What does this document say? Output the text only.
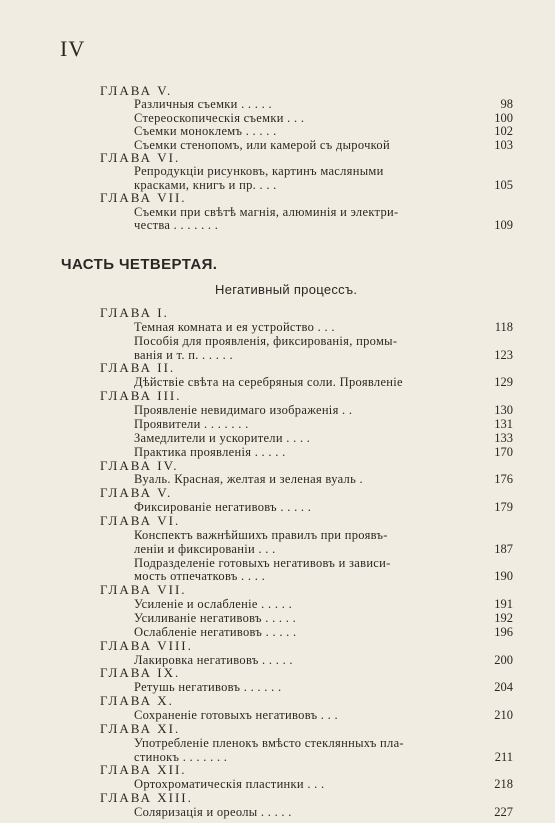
IV
ЧАСТЬ ЧЕТВЕРТАЯ.
Негативный процессъ.
ГЛАВА V.
Различныя съемки . . . . .	98
Стереоскопическія съемки . . .	100
Съемки моноклемъ . . . . .	102
Съемки стенопомъ, или камерой съ дырочкой	103
ГЛАВА VI.
Репродукціи рисунковъ, картинъ масляными
красками, книгъ и пр. . . .	105
ГЛАВА VII.
Съемки при свѣтѣ магнія, алюминія и электри-
чества . . . . . . .	109
ГЛАВА I.
Темная комната и ея устройство . . .	118
Пособія для проявленія, фиксированія, промы-
ванія и т. п. . . . . .	123
ГЛАВА II.
Дѣйствіе свѣта на серебряныя соли. Проявленіе	129
ГЛАВА III.
Проявленіе невидимаго изображенія . .	130
Проявители . . . . . . .	131
Замедлители и ускорители . . . .	133
Практика проявленія . . . . .	170
ГЛАВА IV.
Вуаль. Красная, желтая и зеленая вуаль .	176
ГЛАВА V.
Фиксированіе негативовъ . . . . .	179
ГЛАВА VI.
Конспектъ важнѣйшихъ правилъ при проявъ-
леніи и фиксированіи . . .	187
Подразделеніе готовыхъ негативовъ и зависи-
мость отпечатковъ . . . .	190
ГЛАВА VII.
Усиленіе и ослабленіе . . . . .	191
Усиливаніе негативовъ . . . . .	192
Ослабленіе негативовъ . . . . .	196
ГЛАВА VIII.
Лакировка негативовъ . . . . .	200
ГЛАВА IX.
Ретушь негативовъ . . . . . .	204
ГЛАВА X.
Сохраненіе готовыхъ негативовъ . . .	210
ГЛАВА XI.
Употребленіе пленокъ вмѣсто стеклянныхъ пла-
стинокъ . . . . . . .	211
ГЛАВА XII.
Ортохроматическія пластинки . . .	218
ГЛАВА XIII.
Соляризація и ореолы . . . . .	227
